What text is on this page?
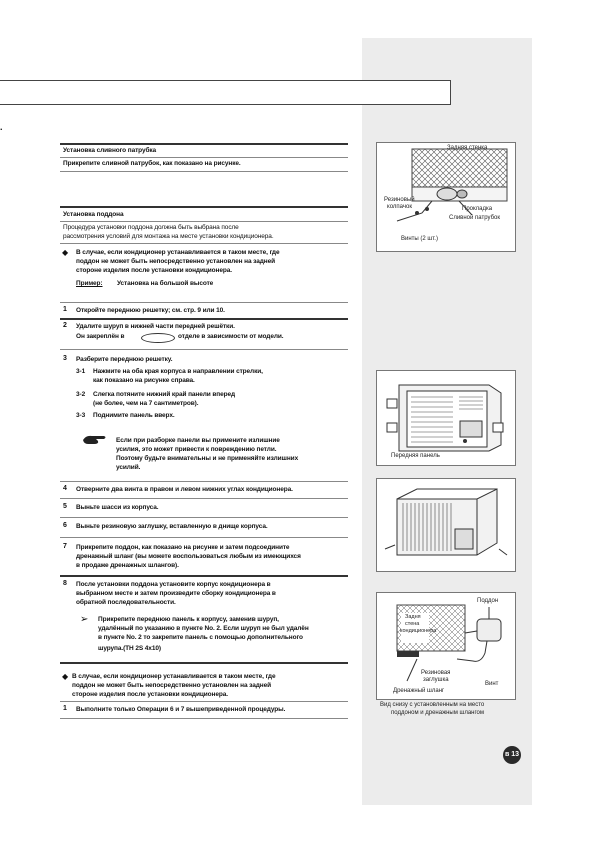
.
Установка сливного патрубка
Прикрепите сливной патрубок, как показано на рисунке.
Установка поддона
Процедура установки поддона должна быть выбрана после
рассмотрения условий для монтажа на месте установки кондиционера.
◆ В случае, если кондиционер устанавливается в таком месте, где
поддон не может быть непосредственно установлен на задней
стороне изделия после установки кондиционера.
Пример: Установка на большой высоте
1 Откройте переднюю решетку; см. стр. 9 или 10.
2 Удалите шуруп в нижней части передней решётки.
Он закреплён в	отделе в зависимости от модели.
3 Разберите переднюю решетку.
3-1 Нажмите на оба края корпуса в направлении стрелки,
как показано на рисунке справа.
3-2 Слегка потяните нижний край панели вперед
(не более, чем на 7 сантиметров).
3-3 Поднимите панель вверх.
Если при разборке панели вы примените излишние
усилия, это может привести к повреждению петли.
Поэтому будьте внимательны и не применяйте излишних
усилий.
4 Отверните два винта в правом и левом нижних углах кондиционера.
5 Выньте шасси из корпуса.
6 Выньте резиновую заглушку, вставленную в днище корпуса.
7 Прикрепите поддон, как показано на рисунке и затем подсоедините
дренажный шланг (вы можете воспользоваться любым из имеющихся
в продаже дренажных шлангов).
8 После установки поддона установите корпус кондиционера в
выбранном месте и затем произведите сборку кондиционера в
обратной последовательности.
➢ Прикрепите переднюю панель к корпусу, заменив шуруп,
удалённый по указанию в пункте No. 2. Если шуруп не был удалён
в пункте No. 2 то закрепите панель с помощью дополнительного
шурупа.(TH 2S 4x10)
◆ В случае, если кондиционер устанавливается в таком месте, где
поддон не может быть непосредственно установлен на задней
стороне изделия после установки кондиционера.
1 Выполните только Операции 6 и 7 вышеприведенной процедуры.
Задняя стенка
Резиновый
колпачок	Прокладка
Сливной патрубок
Винты (2 шт.)
Передняя панель
Поддон
Задня
стена
кондиционера
Резиновая
заглушка
Винт
Дренажный шланг
Вид снизу с установленным на место
поддоном и дренажным шлангом
в 13
